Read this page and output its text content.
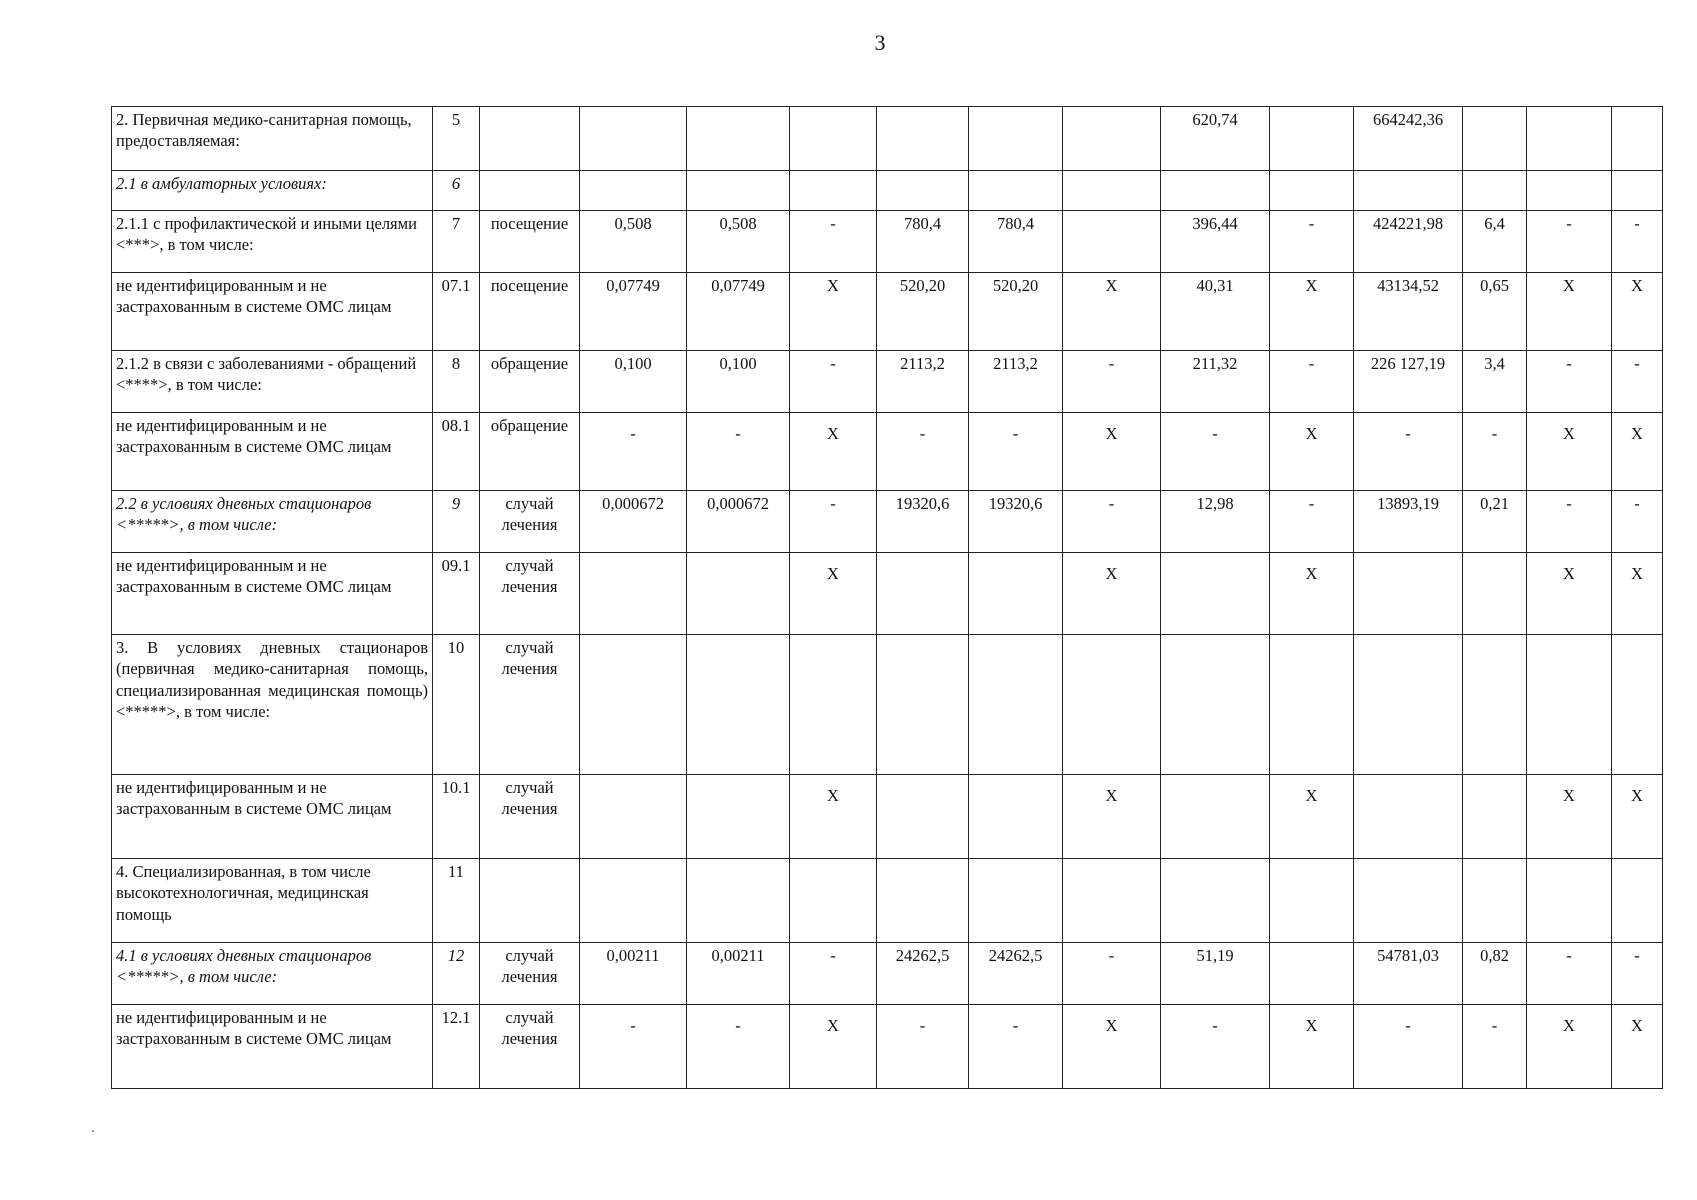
3
2. Первичная медико-санитарная помощь, предоставляемая:	5								620,74		664242,36			
2.1 в амбулаторных условиях:	6													
2.1.1 с профилактической и иными целями <***>, в том числе:	7	посещение	0,508	0,508	-	780,4	780,4		396,44	-	424221,98	6,4	-	-
не идентифицированным и не застрахованным в системе ОМС лицам	07.1	посещение	0,07749	0,07749	X	520,20	520,20	X	40,31	X	43134,52	0,65	X	X
2.1.2 в связи с заболеваниями - обращений <****>, в том числе:	8	обращение	0,100	0,100	-	2113,2	2113,2	-	211,32	-	226 127,19	3,4	-	-
не идентифицированным и не застрахованным в системе ОМС лицам	08.1	обращение	-	-	X	-	-	X	-	X	-	-	X	X
2.2 в условиях дневных стационаров <*****>, в том числе:	9	случай лечения	0,000672	0,000672	-	19320,6	19320,6	-	12,98	-	13893,19	0,21	-	-
не идентифицированным и не застрахованным в системе ОМС лицам	09.1	случай лечения			X			X		X			X	X
3. В условиях дневных стационаров (первичная медико-санитарная помощь, специализированная медицинская помощь) <*****>, в том числе:	10	случай лечения												
не идентифицированным и не застрахованным в системе ОМС лицам	10.1	случай лечения			X			X		X			X	X
4. Специализированная, в том числе высокотехнологичная, медицинская помощь	11													
4.1 в условиях дневных стационаров <*****>, в том числе:	12	случай лечения	0,00211	0,00211	-	24262,5	24262,5	-	51,19		54781,03	0,82	-	-
не идентифицированным и не застрахованным в системе ОМС лицам	12.1	случай лечения	-	-	X	-	-	X	-	X	-	-	X	X
